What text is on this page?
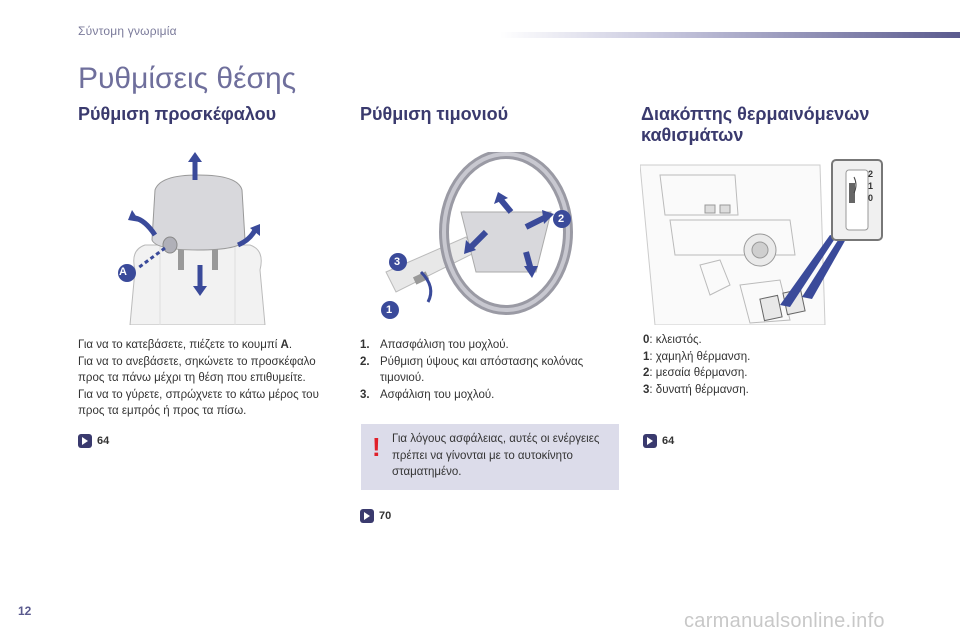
Σύντομη γνωριμία
Ρυθμίσεις θέσης
Ρύθμιση προσκέφαλου
A
Για να το κατεβάσετε, πιέζετε το κουμπί A.
Για να το ανεβάσετε, σηκώνετε το προσκέφαλο προς τα πάνω μέχρι τη θέση που επιθυμείτε.
Για να το γύρετε, σπρώχνετε το κάτω μέρος του προς τα εμπρός ή προς τα πίσω.
64
Ρύθμιση τιμονιού
2
3
1
1. Απασφάλιση του μοχλού.
2. Ρύθμιση ύψους και απόστασης κολόνας τιμονιού.
3. Ασφάλιση του μοχλού.
! Για λόγους ασφάλειας, αυτές οι ενέργειες πρέπει να γίνονται με το αυτοκίνητο σταματημένο.
70
Διακόπτης θερμαινόμενων καθισμάτων
2
1
0
0: κλειστός.
1: χαμηλή θέρμανση.
2: μεσαία θέρμανση.
3: δυνατή θέρμανση.
64
12	carmanualsonline.info
